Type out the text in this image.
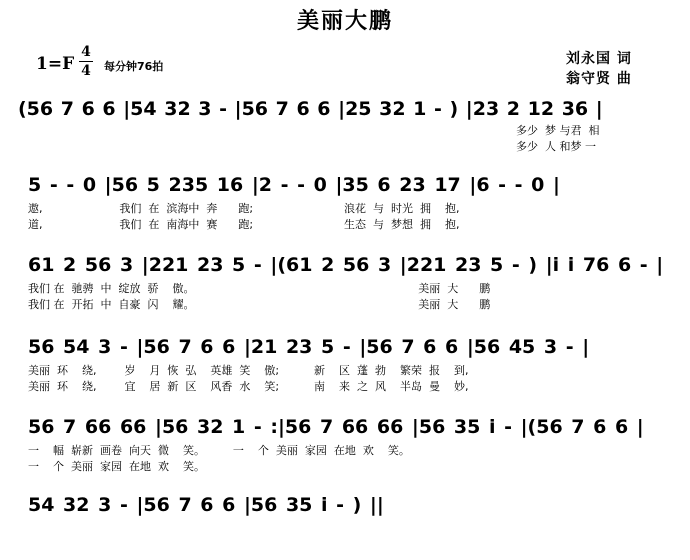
美丽大鹏
1=F
4
4 每分钟76拍	刘永国 词
翁守贤 曲
(56 7 6 6 |54 32 3 - |56 7 6 6 |25 32 1 - ) |23 2 12 36 |
多少  梦 与君  相
多少  人 和梦 一
5 - - 0 |56 5 235 16 |2 - - 0 |35 6 23 17 |6 - - 0 |
遨,                      我们  在  滨海中  奔      跑;                          浪花  与  时光  拥    抱,
道,                      我们  在  南海中  赛      跑;                          生态  与  梦想  拥    抱,
61 2 56 3 |221 23 5 - |(61 2 56 3 |221 23 5 - ) |i i 76 6 - |
我们 在  驰骋  中  绽放  骄    傲。                                                                美丽  大      鹏
我们 在  开拓  中  自豪  闪    耀。                                                                美丽  大      鹏
56 54 3 - |56 7 6 6 |21 23 5 - |56 7 6 6 |56 45 3 - |
美丽  环    绕,        岁    月  恢  弘    英雄  笑    傲;          新    区  蓬  勃    繁荣  报    到,
美丽  环    绕,        宜    居  新  区    风香  水    笑;          南    来  之  风    半岛  曼    妙,
56 7 66 66 |56 32 1 - :|56 7 66 66 |56 35 i - |(56 7 6 6 |
一    幅  崭新  画卷  向天  微    笑。        一    个  美丽  家园  在地  欢    笑。
一    个  美丽  家园  在地  欢    笑。
54 32 3 - |56 7 6 6 |56 35 i - ) ||
